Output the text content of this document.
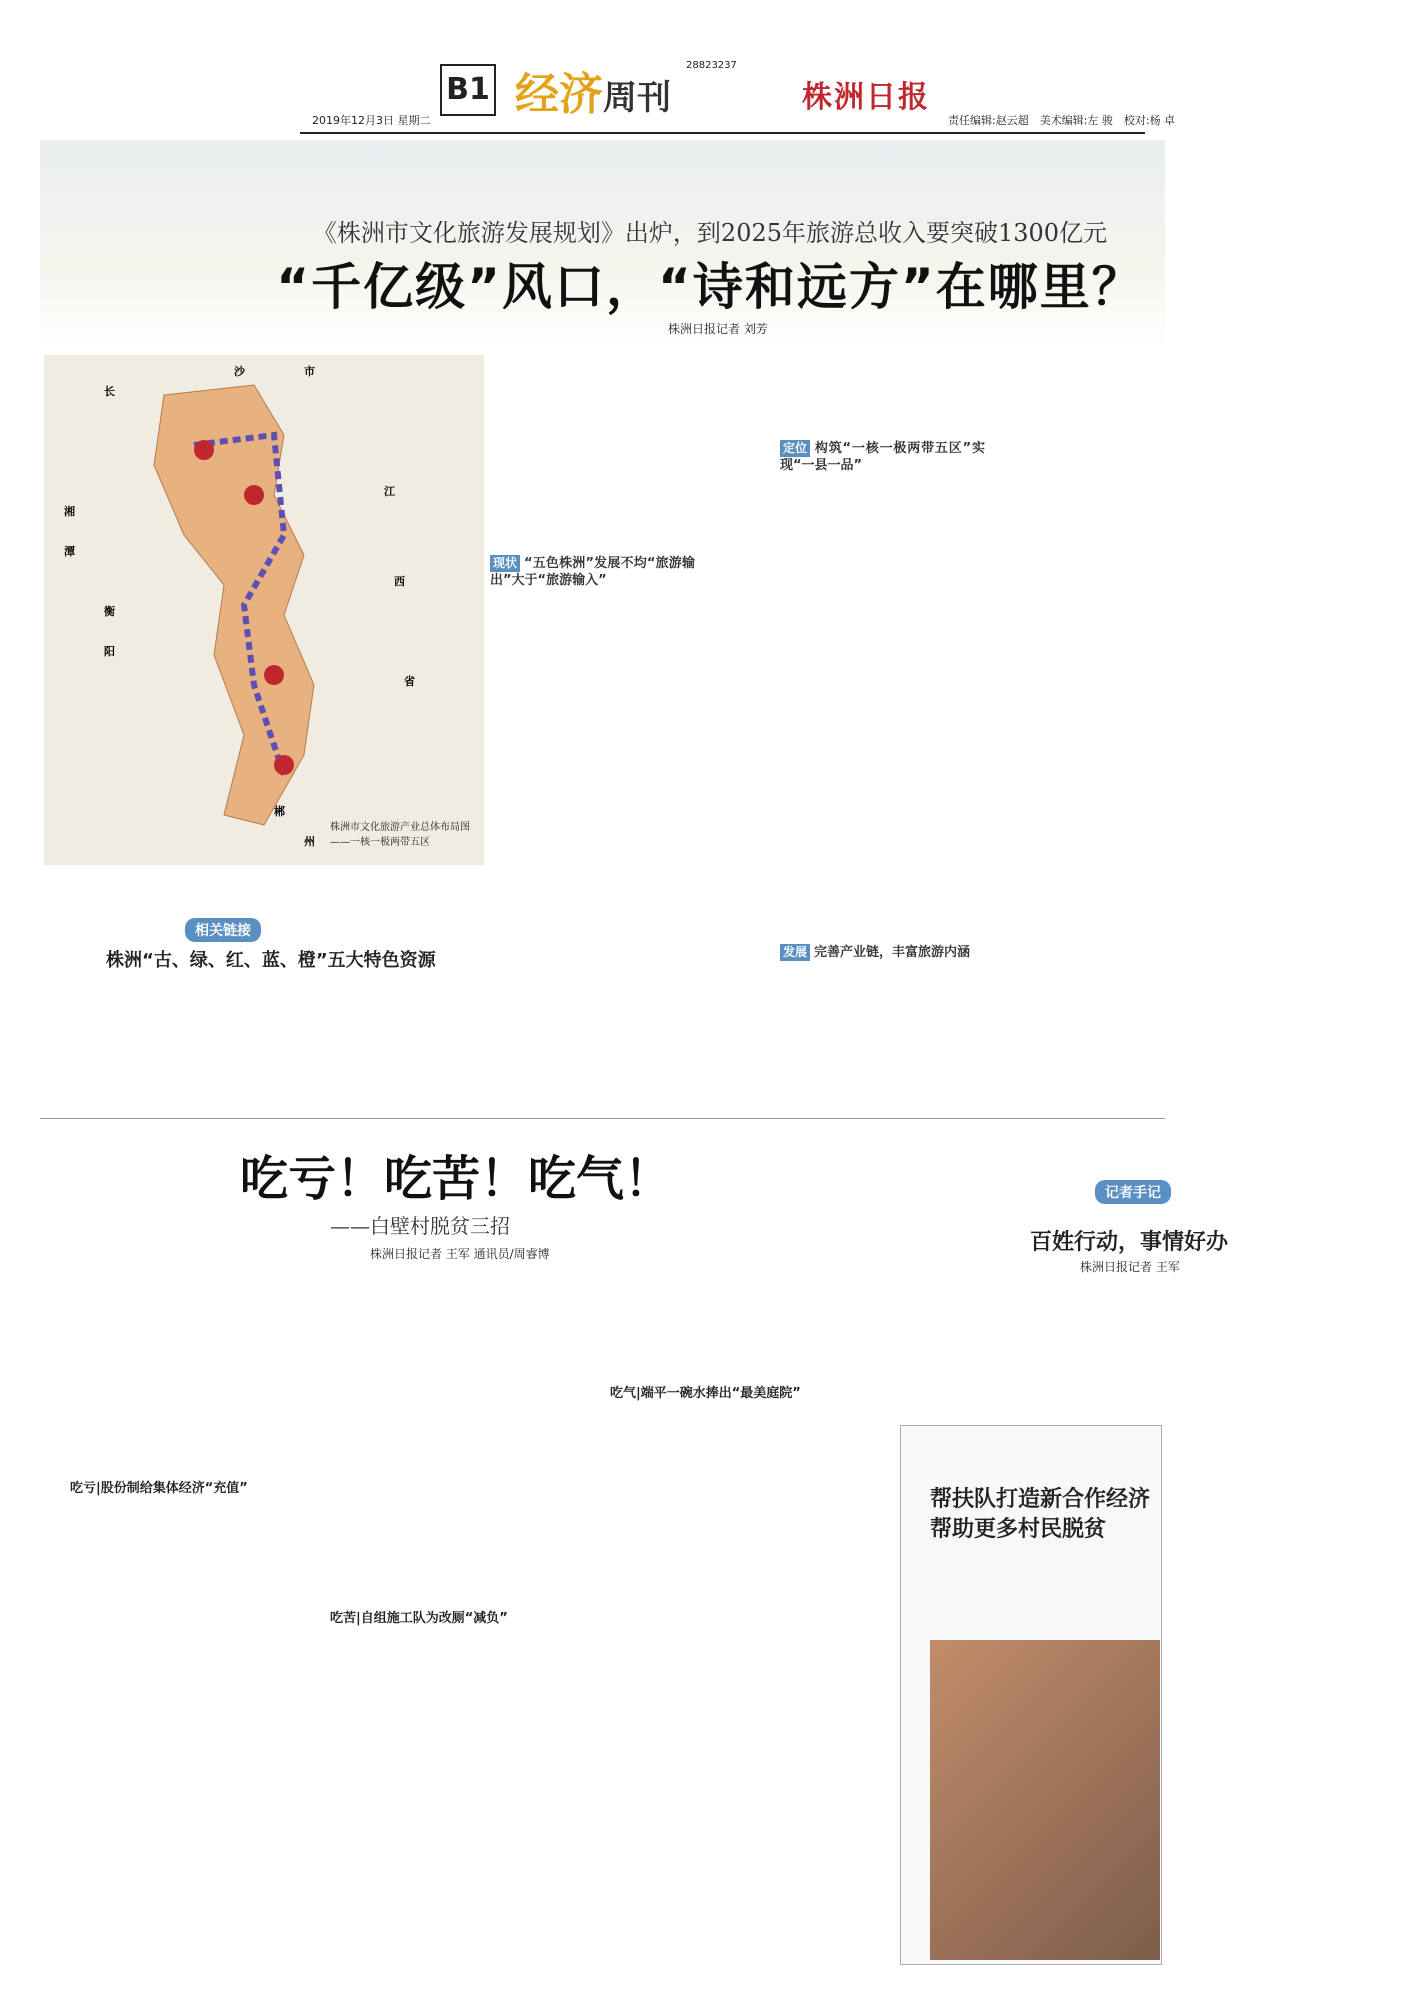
2019年12月3日 星期二
B1 经济周刊
28823237
株洲日报
责任编辑:赵云超　美术编辑:左 骏　校对:杨 卓
《株洲市文化旅游发展规划》出炉，到2025年旅游总收入要突破1300亿元
“千亿级”风口，“诗和远方”在哪里？
株洲日报记者 刘芳
长
沙	市
湘
潭
衡
阳
江
西
省
郴
州
株洲市文化旅游产业总体布局图——一核一极两带五区
相关链接
株洲“古、绿、红、蓝、橙”五大特色资源
现状 “五色株洲”发展不均“旅游输出”大于“旅游输入”
定位 构筑“一核一极两带五区”实现“一县一品”
发展 完善产业链，丰富旅游内涵
吃亏！吃苦！吃气！
——白壁村脱贫三招
株洲日报记者 王军 通讯员/周睿博
吃亏|股份制给集体经济“充值”
吃苦|自组施工队为改厕“减负”
吃气|端平一碗水捧出“最美庭院”
记者手记
百姓行动，事情好办
株洲日报记者 王军
帮扶队打造新合作经济
帮助更多村民脱贫
